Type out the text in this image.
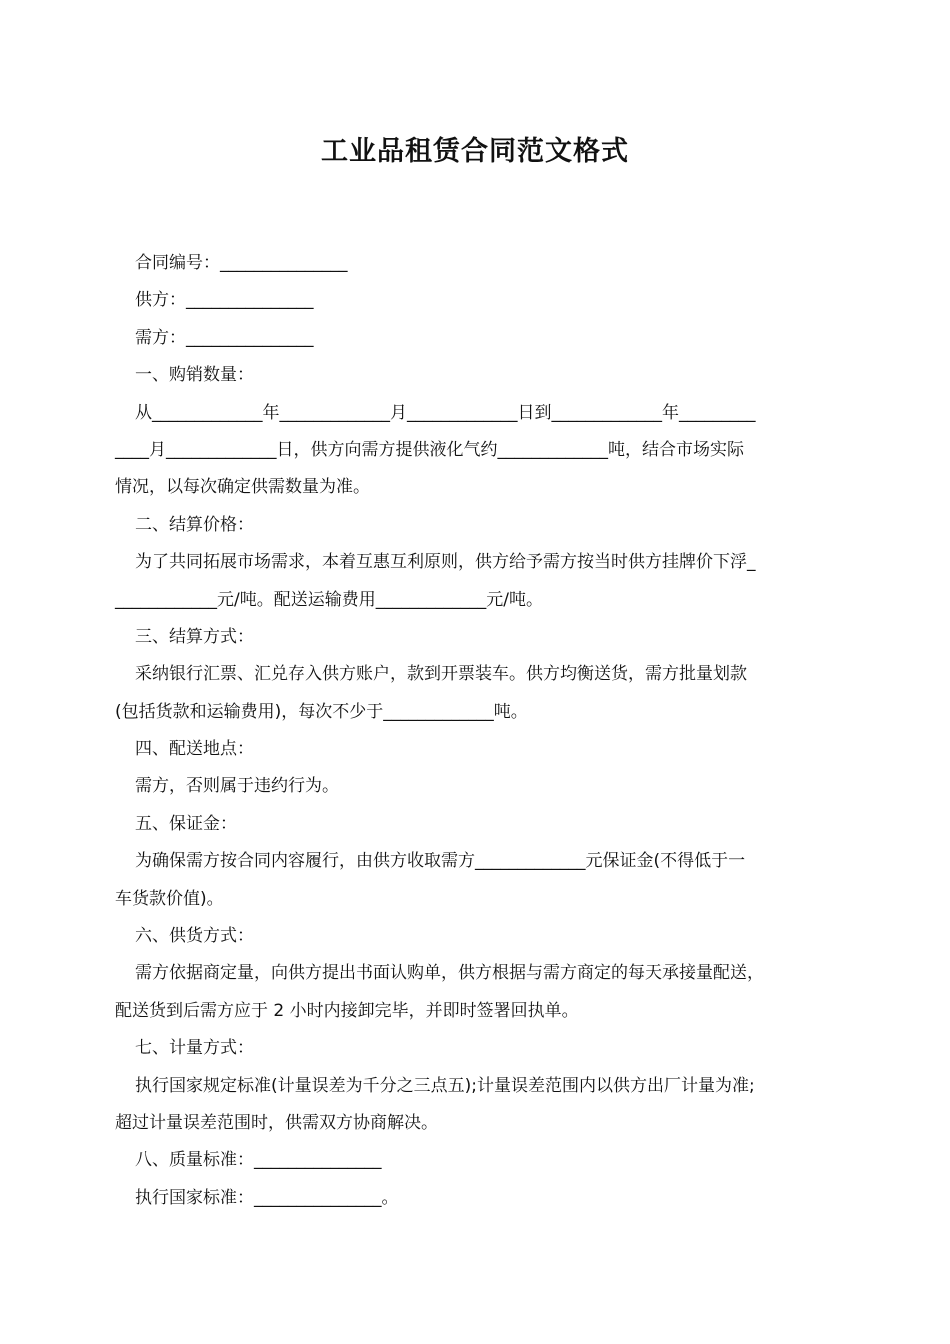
工业品租赁合同范文格式
合同编号：_______________
供方：_______________
需方：_______________
一、购销数量：
从_____________年_____________月_____________日到_____________年_________
____月_____________日，供方向需方提供液化气约_____________吨，结合市场实际
情况，以每次确定供需数量为准。
二、结算价格：
为了共同拓展市场需求，本着互惠互利原则，供方给予需方按当时供方挂牌价下浮_
____________元/吨。配送运输费用_____________元/吨。
三、结算方式：
采纳银行汇票、汇兑存入供方账户，款到开票装车。供方均衡送货，需方批量划款
(包括货款和运输费用)，每次不少于_____________吨。
四、配送地点：
需方，否则属于违约行为。
五、保证金：
为确保需方按合同内容履行，由供方收取需方_____________元保证金(不得低于一
车货款价值)。
六、供货方式：
需方依据商定量，向供方提出书面认购单，供方根据与需方商定的每天承接量配送，
配送货到后需方应于 2 小时内接卸完毕，并即时签署回执单。
七、计量方式：
执行国家规定标准(计量误差为千分之三点五);计量误差范围内以供方出厂计量为准;
超过计量误差范围时，供需双方协商解决。
八、质量标准：_______________
执行国家标准：_______________。
